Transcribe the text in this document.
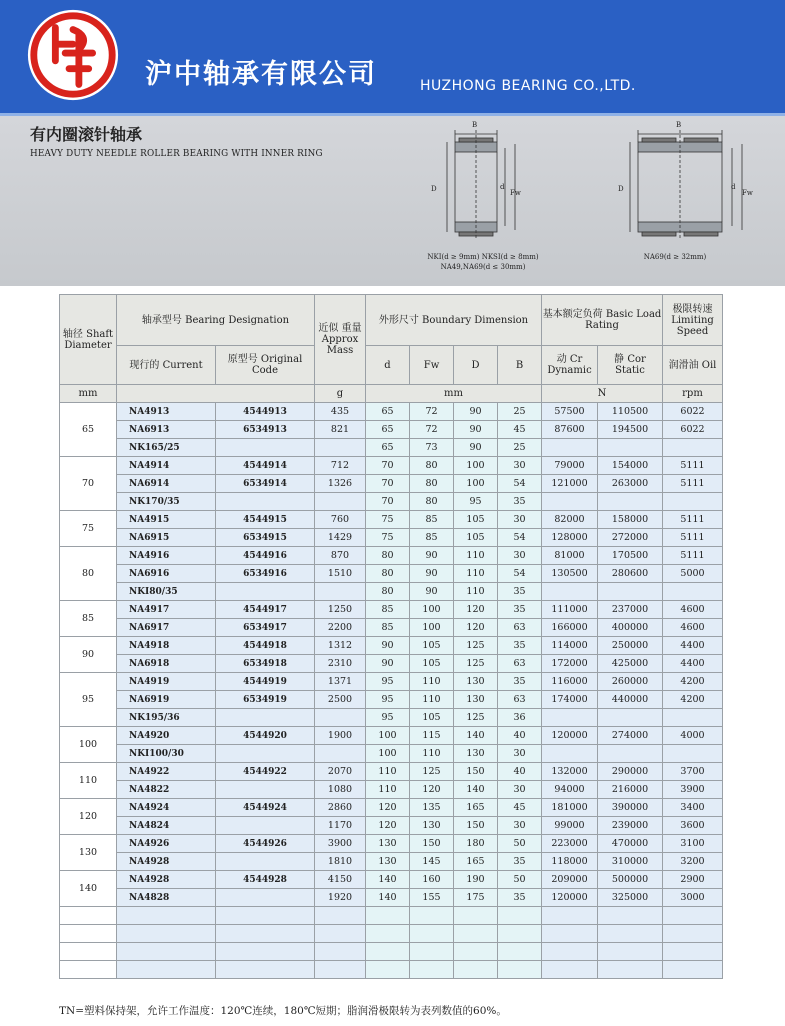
沪中轴承有限公司	HUZHONG BEARING CO.,LTD.
有内圈滚针轴承
HEAVY DUTY NEEDLE ROLLER BEARING WITH INNER RING
B
D	d
Fw
NKI(d ≥ 9mm) NKSI(d ≥ 8mm)
NA49,NA69(d ≤ 30mm)
B
D	d
Fw
NA69(d ≥ 32mm)
轴径 Shaft Diameter	轴承型号 Bearing Designation		近似 重量 Approx Mass	外形尺寸 Boundary Dimension				基本额定负荷 Basic Load Rating		极限转速 Limiting Speed
	现行的 Current	原型号 Original Code		d	Fw	D	B	动 Cr Dynamic	静 Cor Static	润滑油 Oil
mm			g	mm				N		rpm
65	NA4913	4544913	435	65	72	90	25	57500	110500	6022
	NA6913	6534913	821	65	72	90	45	87600	194500	6022
	NK165/25			65	73	90	25			
70	NA4914	4544914	712	70	80	100	30	79000	154000	5111
	NA6914	6534914	1326	70	80	100	54	121000	263000	5111
	NK170/35			70	80	95	35			
75	NA4915	4544915	760	75	85	105	30	82000	158000	5111
	NA6915	6534915	1429	75	85	105	54	128000	272000	5111
80	NA4916	4544916	870	80	90	110	30	81000	170500	5111
	NA6916	6534916	1510	80	90	110	54	130500	280600	5000
	NKI80/35			80	90	110	35			
85	NA4917	4544917	1250	85	100	120	35	111000	237000	4600
	NA6917	6534917	2200	85	100	120	63	166000	400000	4600
90	NA4918	4544918	1312	90	105	125	35	114000	250000	4400
	NA6918	6534918	2310	90	105	125	63	172000	425000	4400
95	NA4919	4544919	1371	95	110	130	35	116000	260000	4200
	NA6919	6534919	2500	95	110	130	63	174000	440000	4200
	NK195/36			95	105	125	36			
100	NA4920	4544920	1900	100	115	140	40	120000	274000	4000
	NKI100/30			100	110	130	30			
110	NA4922	4544922	2070	110	125	150	40	132000	290000	3700
	NA4822		1080	110	120	140	30	94000	216000	3900
120	NA4924	4544924	2860	120	135	165	45	181000	390000	3400
	NA4824		1170	120	130	150	30	99000	239000	3600
130	NA4926	4544926	3900	130	150	180	50	223000	470000	3100
	NA4928		1810	130	145	165	35	118000	310000	3200
140	NA4928	4544928	4150	140	160	190	50	209000	500000	2900
	NA4828		1920	140	155	175	35	120000	325000	3000

TN=塑料保持架，允许工作温度：120℃连续，180℃短期；脂润滑极限转为表列数值的60%。
